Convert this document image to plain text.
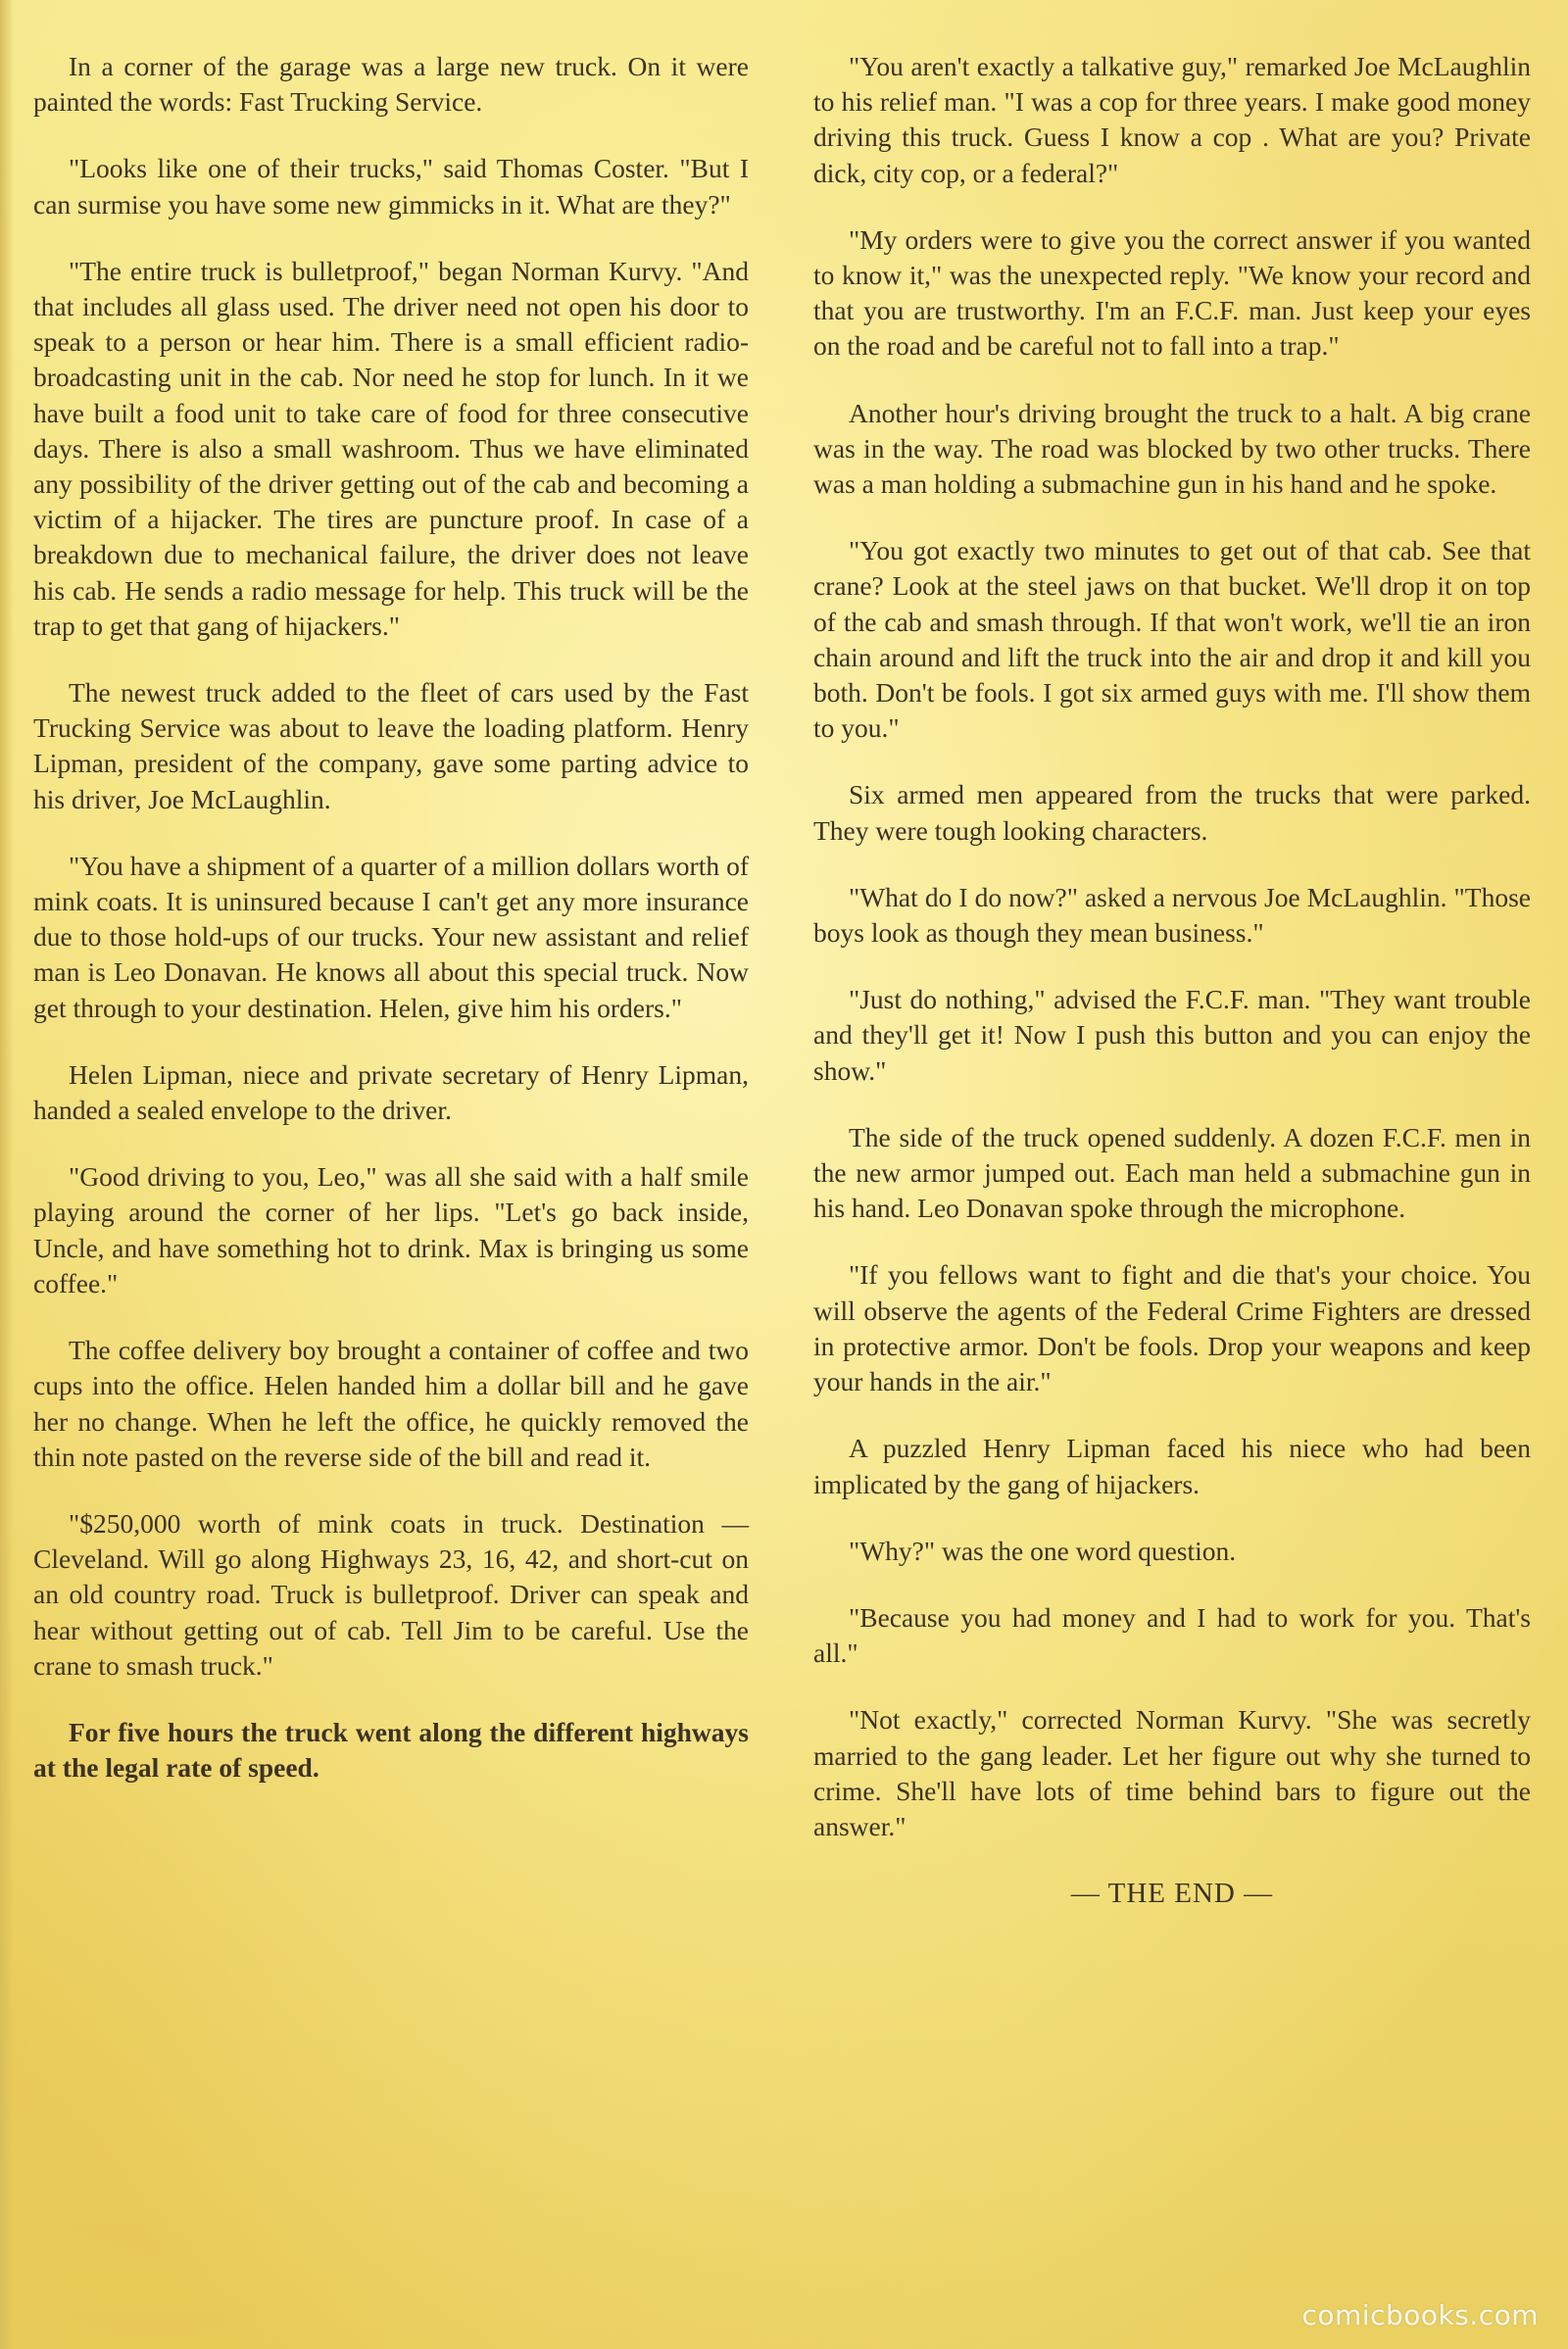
In a corner of the garage was a large new truck. On it were painted the words: Fast Trucking Service.

"Looks like one of their trucks," said Thomas Coster. "But I can surmise you have some new gimmicks in it. What are they?"

"The entire truck is bulletproof," began Norman Kurvy. "And that includes all glass used. The driver need not open his door to speak to a person or hear him. There is a small efficient radio-broadcasting unit in the cab. Nor need he stop for lunch. In it we have built a food unit to take care of food for three consecutive days. There is also a small washroom. Thus we have eliminated any possibility of the driver getting out of the cab and becoming a victim of a hijacker. The tires are puncture proof. In case of a breakdown due to mechanical failure, the driver does not leave his cab. He sends a radio message for help. This truck will be the trap to get that gang of hijackers."

The newest truck added to the fleet of cars used by the Fast Trucking Service was about to leave the loading platform. Henry Lipman, president of the company, gave some parting advice to his driver, Joe McLaughlin.

"You have a shipment of a quarter of a million dollars worth of mink coats. It is uninsured because I can't get any more insurance due to those hold-ups of our trucks. Your new assistant and relief man is Leo Donavan. He knows all about this special truck. Now get through to your destination. Helen, give him his orders."

Helen Lipman, niece and private secretary of Henry Lipman, handed a sealed envelope to the driver.

"Good driving to you, Leo," was all she said with a half smile playing around the corner of her lips. "Let's go back inside, Uncle, and have something hot to drink. Max is bringing us some coffee."

The coffee delivery boy brought a container of coffee and two cups into the office. Helen handed him a dollar bill and he gave her no change. When he left the office, he quickly removed the thin note pasted on the reverse side of the bill and read it.

"$250,000 worth of mink coats in truck. Destination — Cleveland. Will go along Highways 23, 16, 42, and short-cut on an old country road. Truck is bulletproof. Driver can speak and hear without getting out of cab. Tell Jim to be careful. Use the crane to smash truck."

For five hours the truck went along the different highways at the legal rate of speed.

"You aren't exactly a talkative guy," remarked Joe McLaughlin to his relief man. "I was a cop for three years. I make good money driving this truck. Guess I know a cop . What are you? Private dick, city cop, or a federal?"

"My orders were to give you the correct answer if you wanted to know it," was the unexpected reply. "We know your record and that you are trustworthy. I'm an F.C.F. man. Just keep your eyes on the road and be careful not to fall into a trap."

Another hour's driving brought the truck to a halt. A big crane was in the way. The road was blocked by two other trucks. There was a man holding a submachine gun in his hand and he spoke.

"You got exactly two minutes to get out of that cab. See that crane? Look at the steel jaws on that bucket. We'll drop it on top of the cab and smash through. If that won't work, we'll tie an iron chain around and lift the truck into the air and drop it and kill you both. Don't be fools. I got six armed guys with me. I'll show them to you."

Six armed men appeared from the trucks that were parked. They were tough looking characters.

"What do I do now?" asked a nervous Joe McLaughlin. "Those boys look as though they mean business."

"Just do nothing," advised the F.C.F. man. "They want trouble and they'll get it! Now I push this button and you can enjoy the show."

The side of the truck opened suddenly. A dozen F.C.F. men in the new armor jumped out. Each man held a submachine gun in his hand. Leo Donavan spoke through the microphone.

"If you fellows want to fight and die that's your choice. You will observe the agents of the Federal Crime Fighters are dressed in protective armor. Don't be fools. Drop your weapons and keep your hands in the air."

A puzzled Henry Lipman faced his niece who had been implicated by the gang of hijackers.

"Why?" was the one word question.

"Because you had money and I had to work for you. That's all."

"Not exactly," corrected Norman Kurvy. "She was secretly married to the gang leader. Let her figure out why she turned to crime. She'll have lots of time behind bars to figure out the answer."

— THE END —

comicbooks.com
